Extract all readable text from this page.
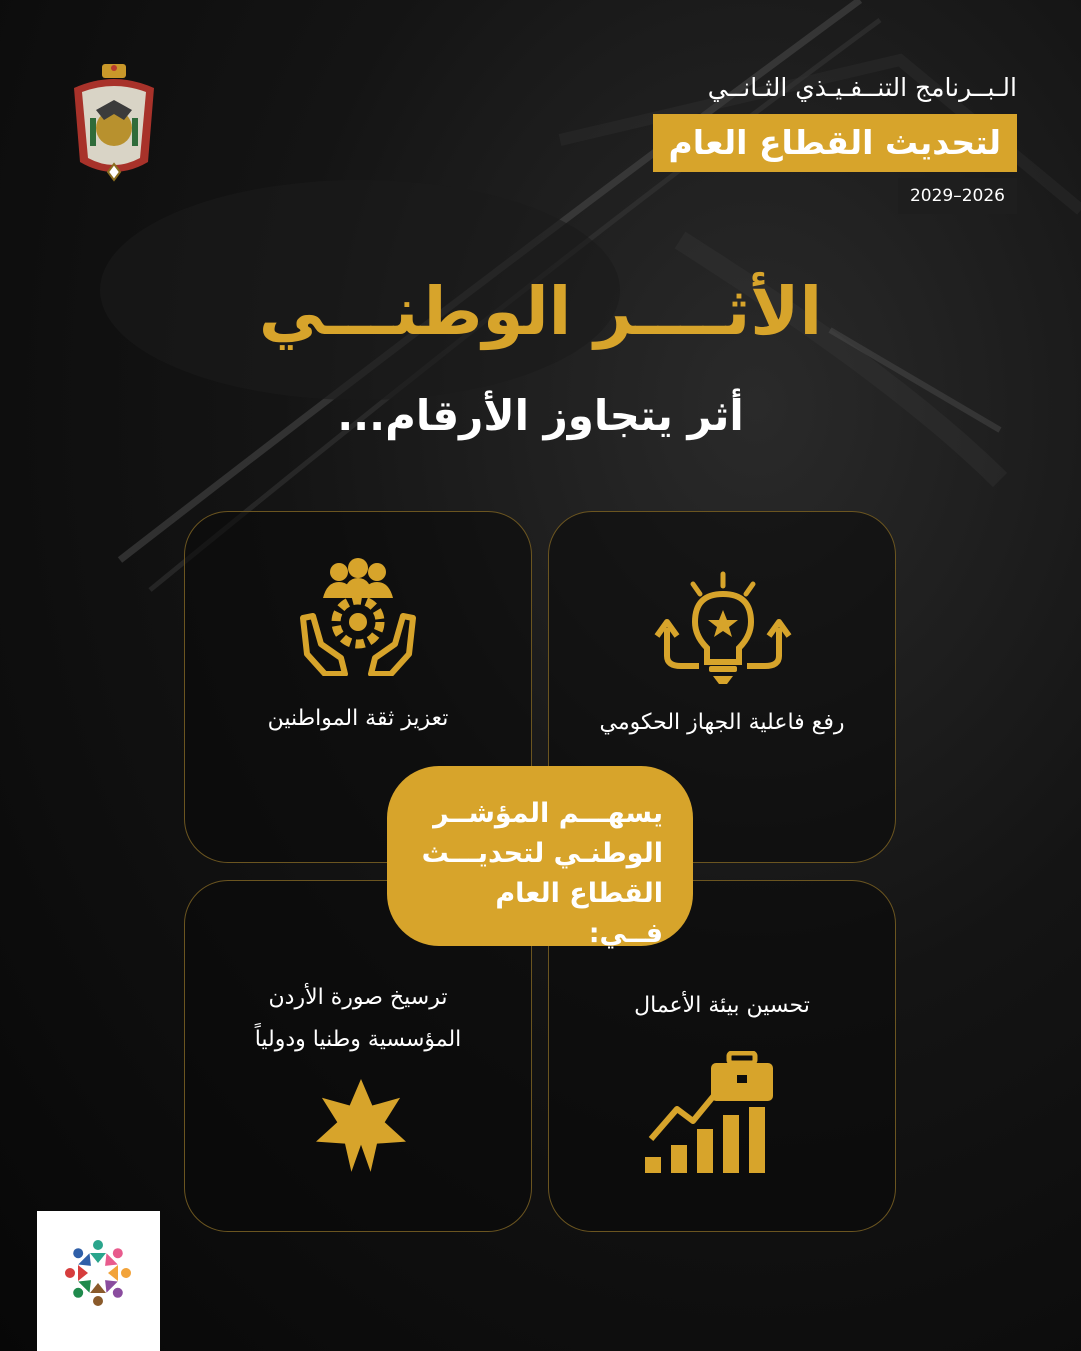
الـبــرنامج التنــفـيـذي الثـانــي
لتحديث القطاع العام
2029–2026
الأثــــر الوطنـــي
أثر يتجاوز الأرقام...
تعزيز ثقة المواطنين	رفع فاعلية الجهاز الحكومي
ترسيخ صورة الأردن
المؤسسية وطنيا ودولياً
تحسين بيئة الأعمال
يسهـــم المؤشــر
الوطنـي لتحديـــث
القطاع العام فــي:
